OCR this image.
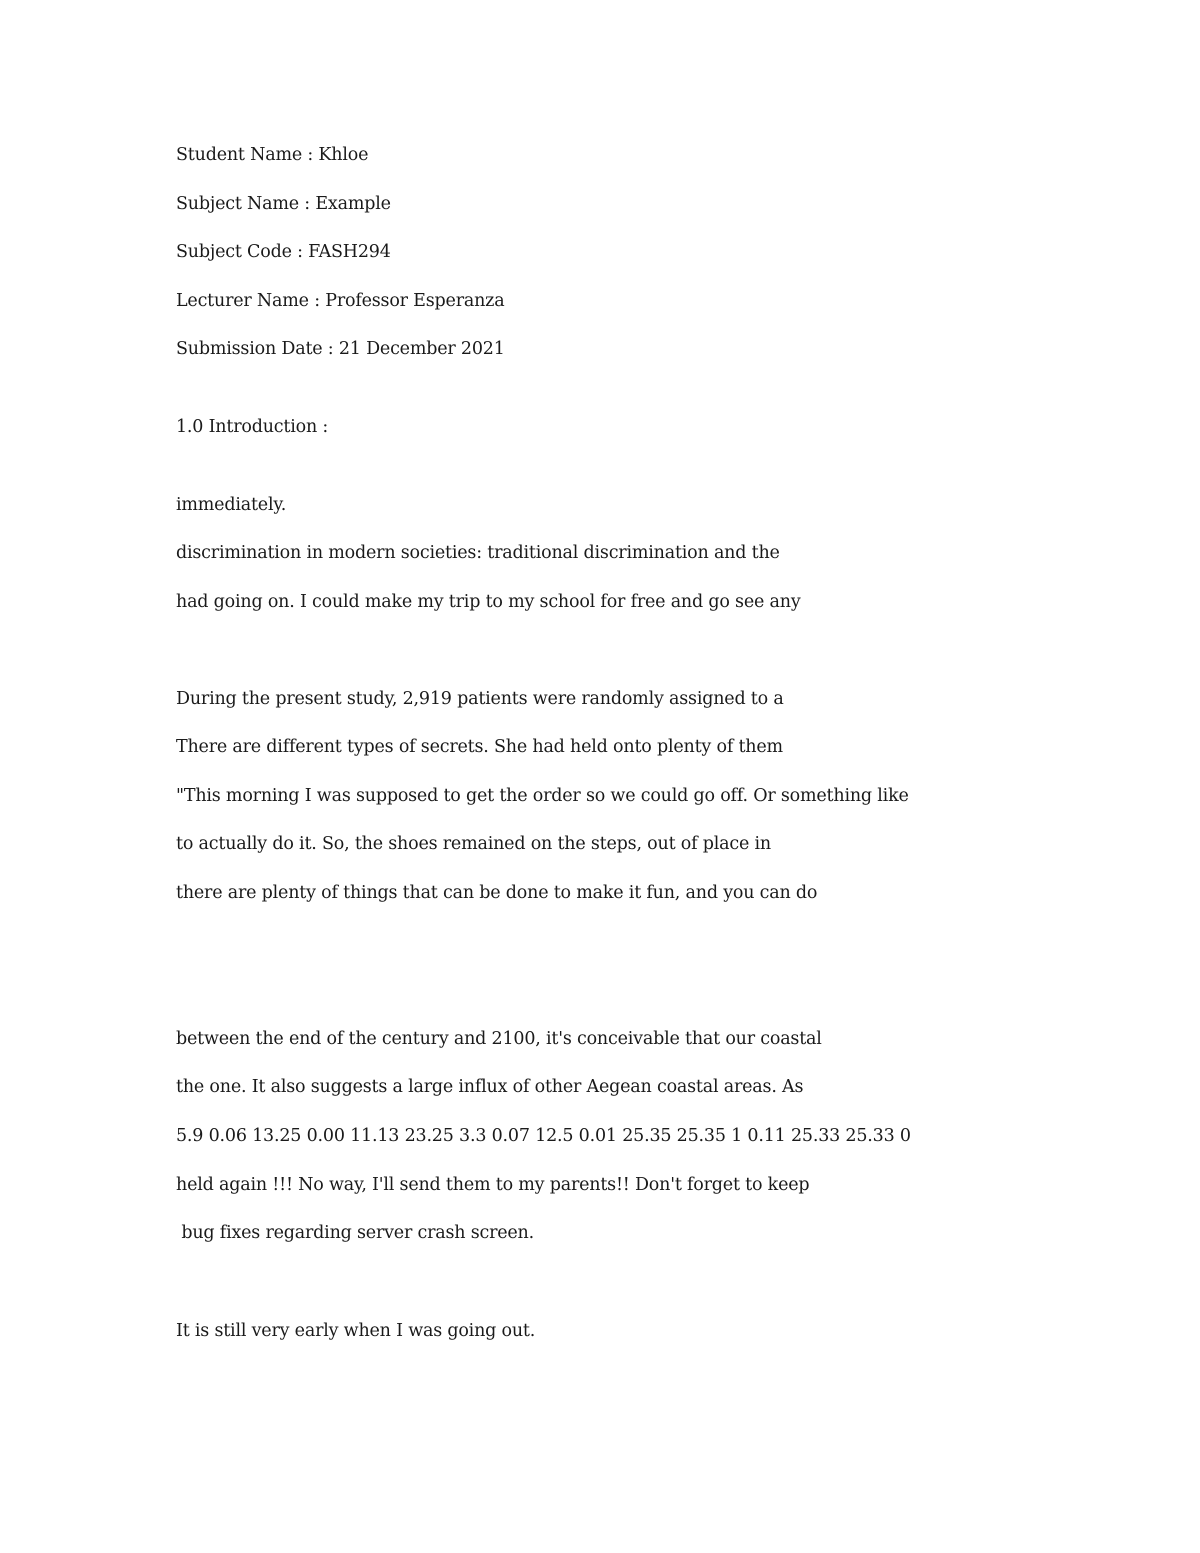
Student Name : Khloe

Subject Name : Example

Subject Code : FASH294

Lecturer Name : Professor Esperanza

Submission Date : 21 December 2021

1.0 Introduction :

immediately.

discrimination in modern societies: traditional discrimination and the

had going on. I could make my trip to my school for free and go see any

During the present study, 2,919 patients were randomly assigned to a

There are different types of secrets. She had held onto plenty of them

"This morning I was supposed to get the order so we could go off. Or something like

to actually do it. So, the shoes remained on the steps, out of place in

there are plenty of things that can be done to make it fun, and you can do

between the end of the century and 2100, it's conceivable that our coastal

the one. It also suggests a large influx of other Aegean coastal areas. As

5.9 0.06 13.25 0.00 11.13 23.25 3.3 0.07 12.5 0.01 25.35 25.35 1 0.11 25.33 25.33 0

held again !!! No way, I'll send them to my parents!! Don't forget to keep

bug fixes regarding server crash screen.

It is still very early when I was going out.
